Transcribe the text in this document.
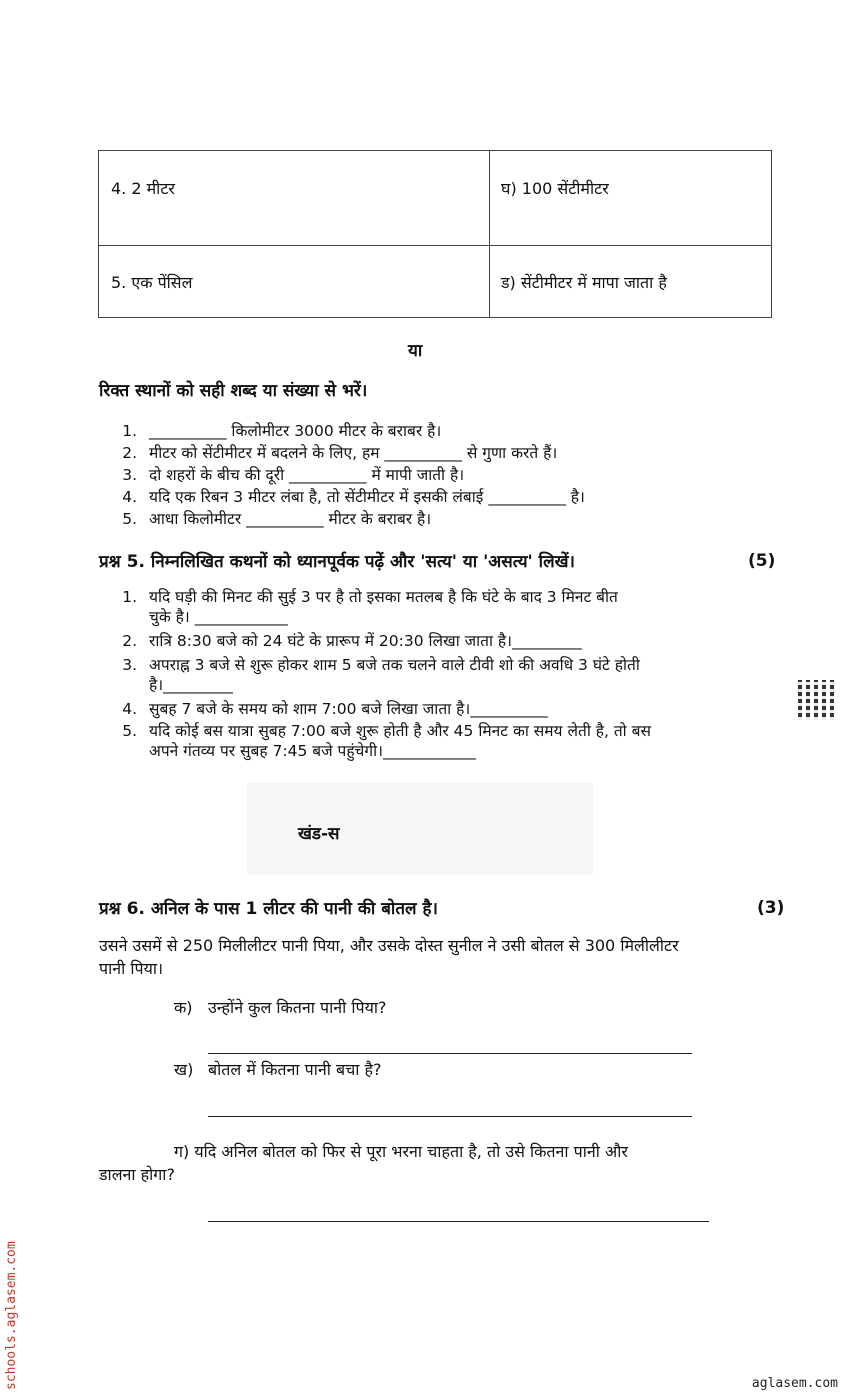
4. 2 मीटर	घ) 100 सेंटीमीटर
5. एक पेंसिल	ड) सेंटीमीटर में मापा जाता है
या
रिक्त स्थानों को सही शब्द या संख्या से भरें।
1. __________ किलोमीटर 3000 मीटर के बराबर है।
2. मीटर को सेंटीमीटर में बदलने के लिए, हम __________ से गुणा करते हैं।
3. दो शहरों के बीच की दूरी __________ में मापी जाती है।
4. यदि एक रिबन 3 मीटर लंबा है, तो सेंटीमीटर में इसकी लंबाई __________ है।
5. आधा किलोमीटर __________ मीटर के बराबर है।
प्रश्न 5. निम्नलिखित कथनों को ध्यानपूर्वक पढ़ें और 'सत्य' या 'असत्य' लिखें।	(5)
1. यदि घड़ी की मिनट की सुई 3 पर है तो इसका मतलब है कि घंटे के बाद 3 मिनट बीत
चुके है। ____________
2. रात्रि 8:30 बजे को 24 घंटे के प्रारूप में 20:30 लिखा जाता है।_________
3. अपराह्न 3 बजे से शुरू होकर शाम 5 बजे तक चलने वाले टीवी शो की अवधि 3 घंटे होती
है।_________
4. सुबह 7 बजे के समय को शाम 7:00 बजे लिखा जाता है।__________
5. यदि कोई बस यात्रा सुबह 7:00 बजे शुरू होती है और 45 मिनट का समय लेती है, तो बस
अपने गंतव्य पर सुबह 7:45 बजे पहुंचेगी।____________
खंड-स
प्रश्न 6. अनिल के पास 1 लीटर की पानी की बोतल है।	(3)
उसने उसमें से 250 मिलीलीटर पानी पिया, और उसके दोस्त सुनील ने उसी बोतल से 300 मिलीलीटर
पानी पिया।
क) उन्होंने कुल कितना पानी पिया?
ख) बोतल में कितना पानी बचा है?
ग) यदि अनिल बोतल को फिर से पूरा भरना चाहता है, तो उसे कितना पानी और
डालना होगा?
schools.aglasem.com	aglasem.com
